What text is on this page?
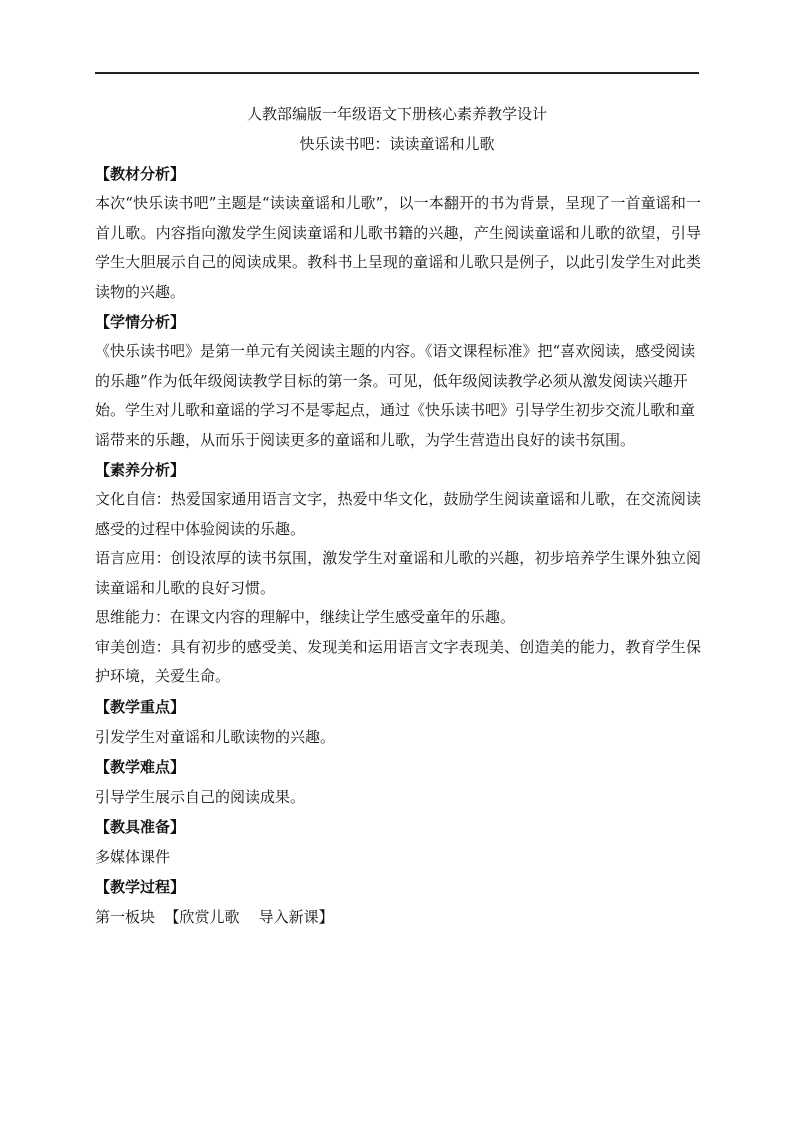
人教部编版一年级语文下册核心素养教学设计
快乐读书吧：读读童谣和儿歌
【教材分析】

本次“快乐读书吧”主题是“读读童谣和儿歌”，以一本翻开的书为背景，呈现了一首童谣和一首儿歌。内容指向激发学生阅读童谣和儿歌书籍的兴趣，产生阅读童谣和儿歌的欲望，引导学生大胆展示自己的阅读成果。教科书上呈现的童谣和儿歌只是例子，以此引发学生对此类读物的兴趣。

【学情分析】

《快乐读书吧》是第一单元有关阅读主题的内容。《语文课程标准》把“喜欢阅读，感受阅读的乐趣”作为低年级阅读教学目标的第一条。可见，低年级阅读教学必须从激发阅读兴趣开始。学生对儿歌和童谣的学习不是零起点，通过《快乐读书吧》引导学生初步交流儿歌和童谣带来的乐趣，从而乐于阅读更多的童谣和儿歌，为学生营造出良好的读书氛围。

【素养分析】

文化自信：热爱国家通用语言文字，热爱中华文化，鼓励学生阅读童谣和儿歌，在交流阅读感受的过程中体验阅读的乐趣。

语言应用：创设浓厚的读书氛围，激发学生对童谣和儿歌的兴趣，初步培养学生课外独立阅读童谣和儿歌的良好习惯。

思维能力：在课文内容的理解中，继续让学生感受童年的乐趣。

审美创造：具有初步的感受美、发现美和运用语言文字表现美、创造美的能力，教育学生保护环境，关爱生命。

【教学重点】
引发学生对童谣和儿歌读物的兴趣。
【教学难点】
引导学生展示自己的阅读成果。
【教具准备】
多媒体课件
【教学过程】
第一板块  【欣赏儿歌    导入新课】
